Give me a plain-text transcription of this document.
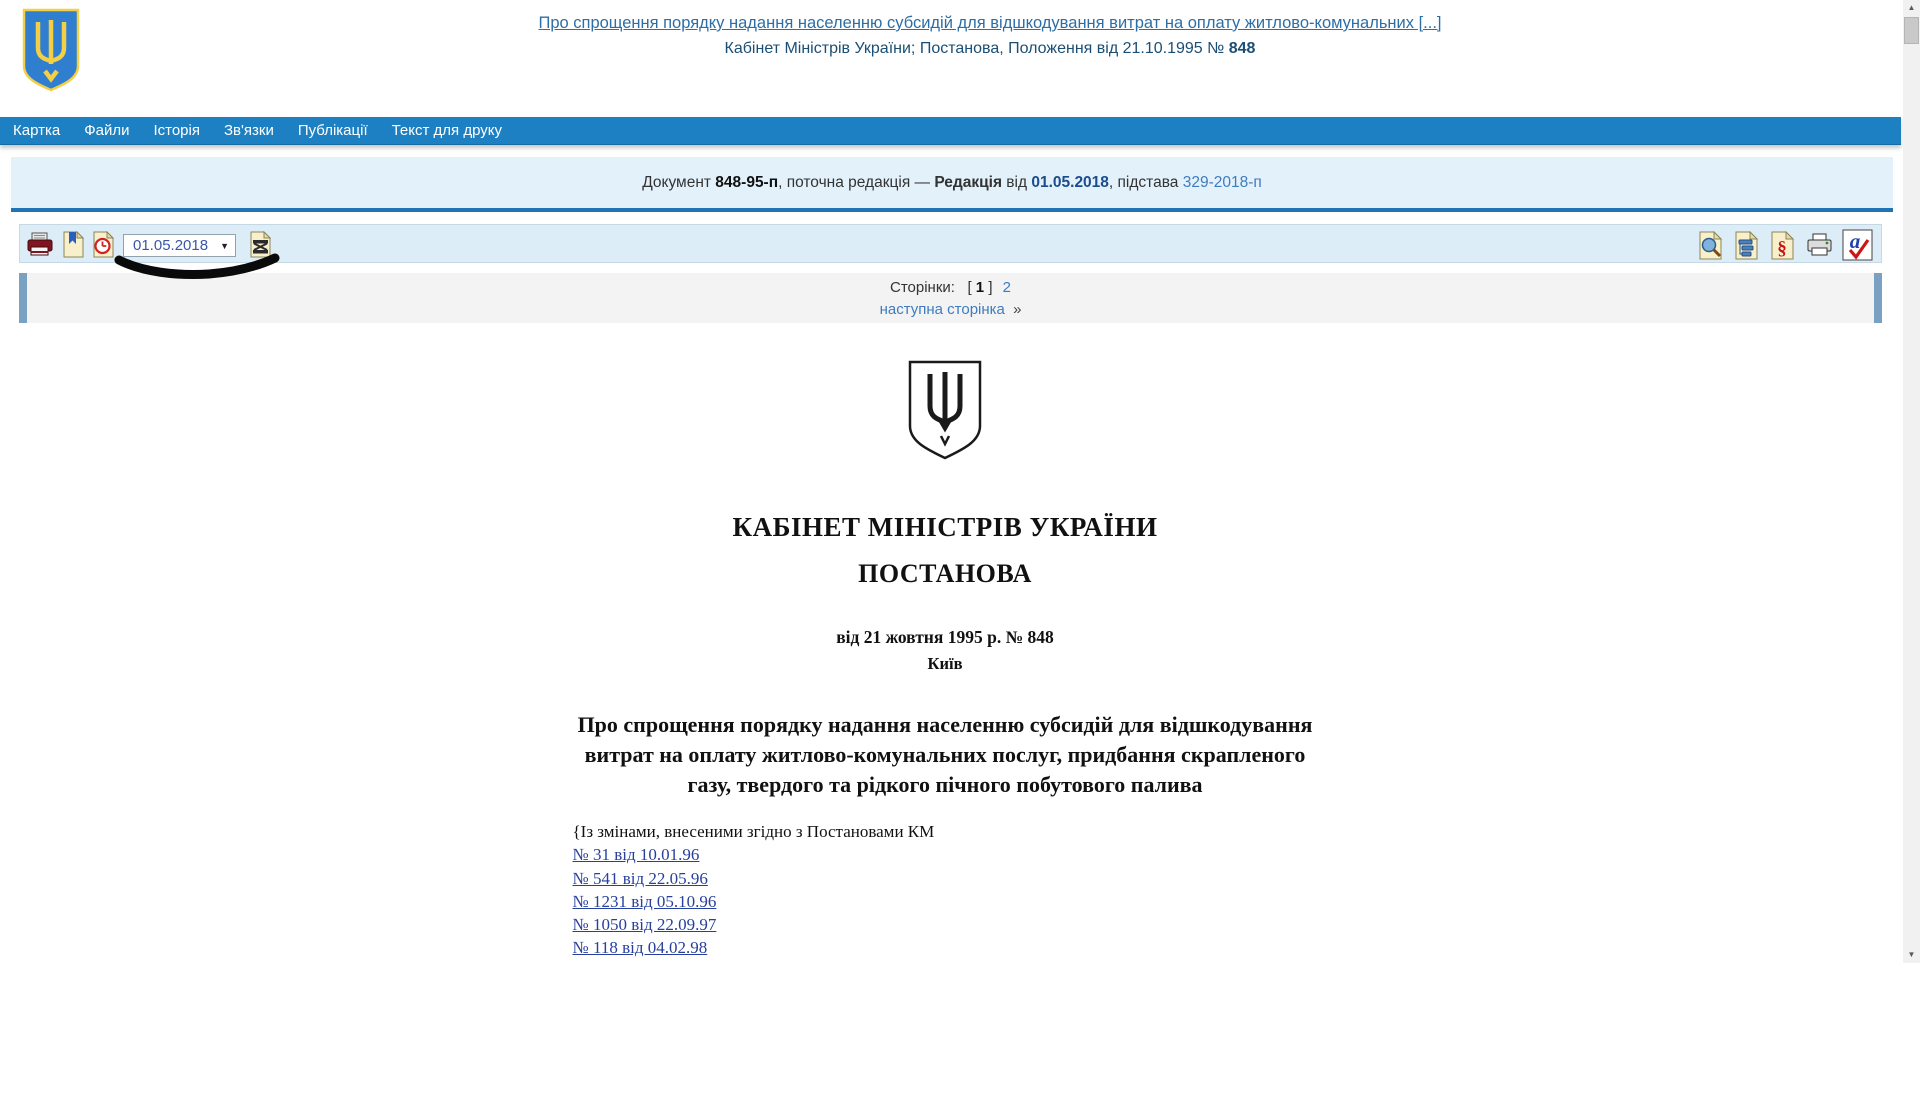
Про спрощення порядку надання населенню субсидій для відшкодування витрат на оплату житлово-комунальних [...]
Кабінет Міністрів України; Постанова, Положення від 21.10.1995 № 848
Картка	Файли	Історія	Зв'язки	Публікації	Текст для друку
Документ 848-95-п, поточна редакція — Редакція від 01.05.2018, підстава 329-2018-п
01.05.2018 ▼	§	a
Сторінки: [ 1 ] 2
наступна сторінка »
КАБІНЕТ МІНІСТРІВ УКРАЇНИ
ПОСТАНОВА
від 21 жовтня 1995 р. № 848
Київ
Про спрощення порядку надання населенню субсидій для відшкодування витрат на оплату житлово-комунальних послуг, придбання скрапленого газу, твердого та рідкого пічного побутового палива
{Із змінами, внесеними згідно з Постановами КМ
№ 31 від 10.01.96
№ 541 від 22.05.96
№ 1231 від 05.10.96
№ 1050 від 22.09.97
№ 118 від 04.02.98
▲
▼
